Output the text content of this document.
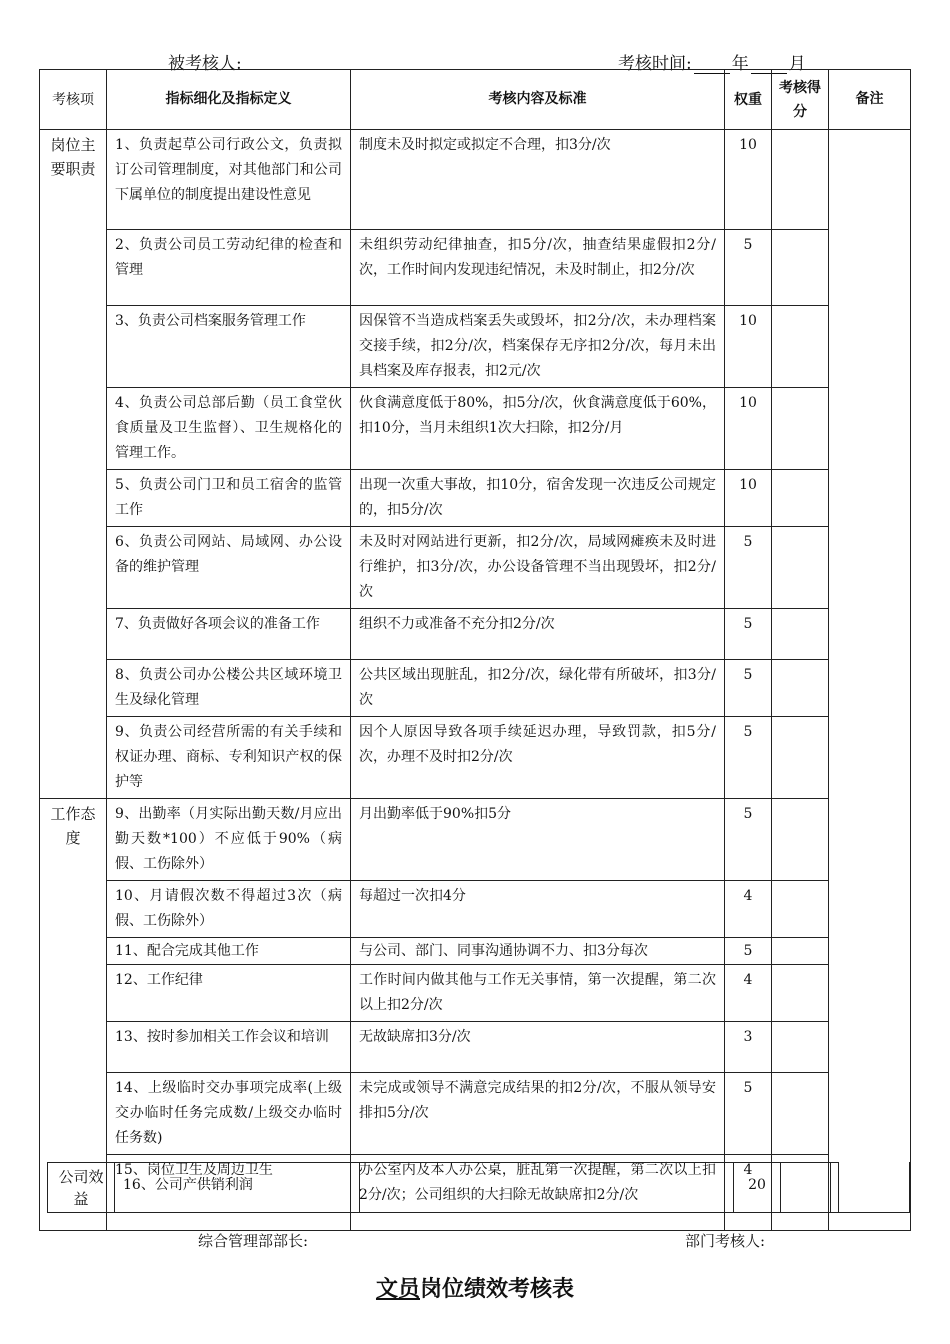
被考核人:	考核时间: 年 月
考核项	指标细化及指标定义	考核内容及标准	权重	考核得分	备注
岗位主要职责	1、负责起草公司行政公文，负责拟订公司管理制度，对其他部门和公司下属单位的制度提出建设性意见	制度未及时拟定或拟定不合理，扣3分/次	10		
	2、负责公司员工劳动纪律的检查和管理	未组织劳动纪律抽查，扣5分/次，抽查结果虚假扣2分/次，工作时间内发现违纪情况，未及时制止，扣2分/次	5		
	3、负责公司档案服务管理工作	因保管不当造成档案丢失或毁坏，扣2分/次，未办理档案交接手续，扣2分/次，档案保存无序扣2分/次，每月未出具档案及库存报表，扣2元/次	10		
	4、负责公司总部后勤（员工食堂伙食质量及卫生监督）、卫生规格化的管理工作。	伙食满意度低于80%，扣5分/次，伙食满意度低于60%，扣10分，当月未组织1次大扫除，扣2分/月	10		
	5、负责公司门卫和员工宿舍的监管工作	出现一次重大事故，扣10分，宿舍发现一次违反公司规定的，扣5分/次	10		
	6、负责公司网站、局域网、办公设备的维护管理	未及时对网站进行更新，扣2分/次，局域网瘫痪未及时进行维护，扣3分/次，办公设备管理不当出现毁坏，扣2分/次	5		
	7、负责做好各项会议的准备工作	组织不力或准备不充分扣2分/次	5		
	8、负责公司办公楼公共区域环境卫生及绿化管理	公共区域出现脏乱，扣2分/次，绿化带有所破坏，扣3分/次	5		
	9、负责公司经营所需的有关手续和权证办理、商标、专利知识产权的保护等	因个人原因导致各项手续延迟办理，导致罚款，扣5分/次，办理不及时扣2分/次	5		
工作态度	9、出勤率（月实际出勤天数/月应出勤天数*100）不应低于90%（病假、工伤除外）	月出勤率低于90%扣5分	5		
	10、月请假次数不得超过3次（病假、工伤除外）	每超过一次扣4分	4		
	11、配合完成其他工作	与公司、部门、同事沟通协调不力、扣3分每次	5		
	12、工作纪律	工作时间内做其他与工作无关事情，第一次提醒，第二次以上扣2分/次	4		
	13、按时参加相关工作会议和培训	无故缺席扣3分/次	3		
	14、上级临时交办事项完成率(上级交办临时任务完成数/上级交办临时任务数)	未完成或领导不满意完成结果的扣2分/次，不服从领导安排扣5分/次	5		
	15、岗位卫生及周边卫生	办公室内及本人办公桌，脏乱第一次提醒，第二次以上扣2分/次；公司组织的大扫除无故缺席扣2分/次	4		
公司效益	16、公司产供销利润		20		
综合管理部部长:	部门考核人:
文员岗位绩效考核表
